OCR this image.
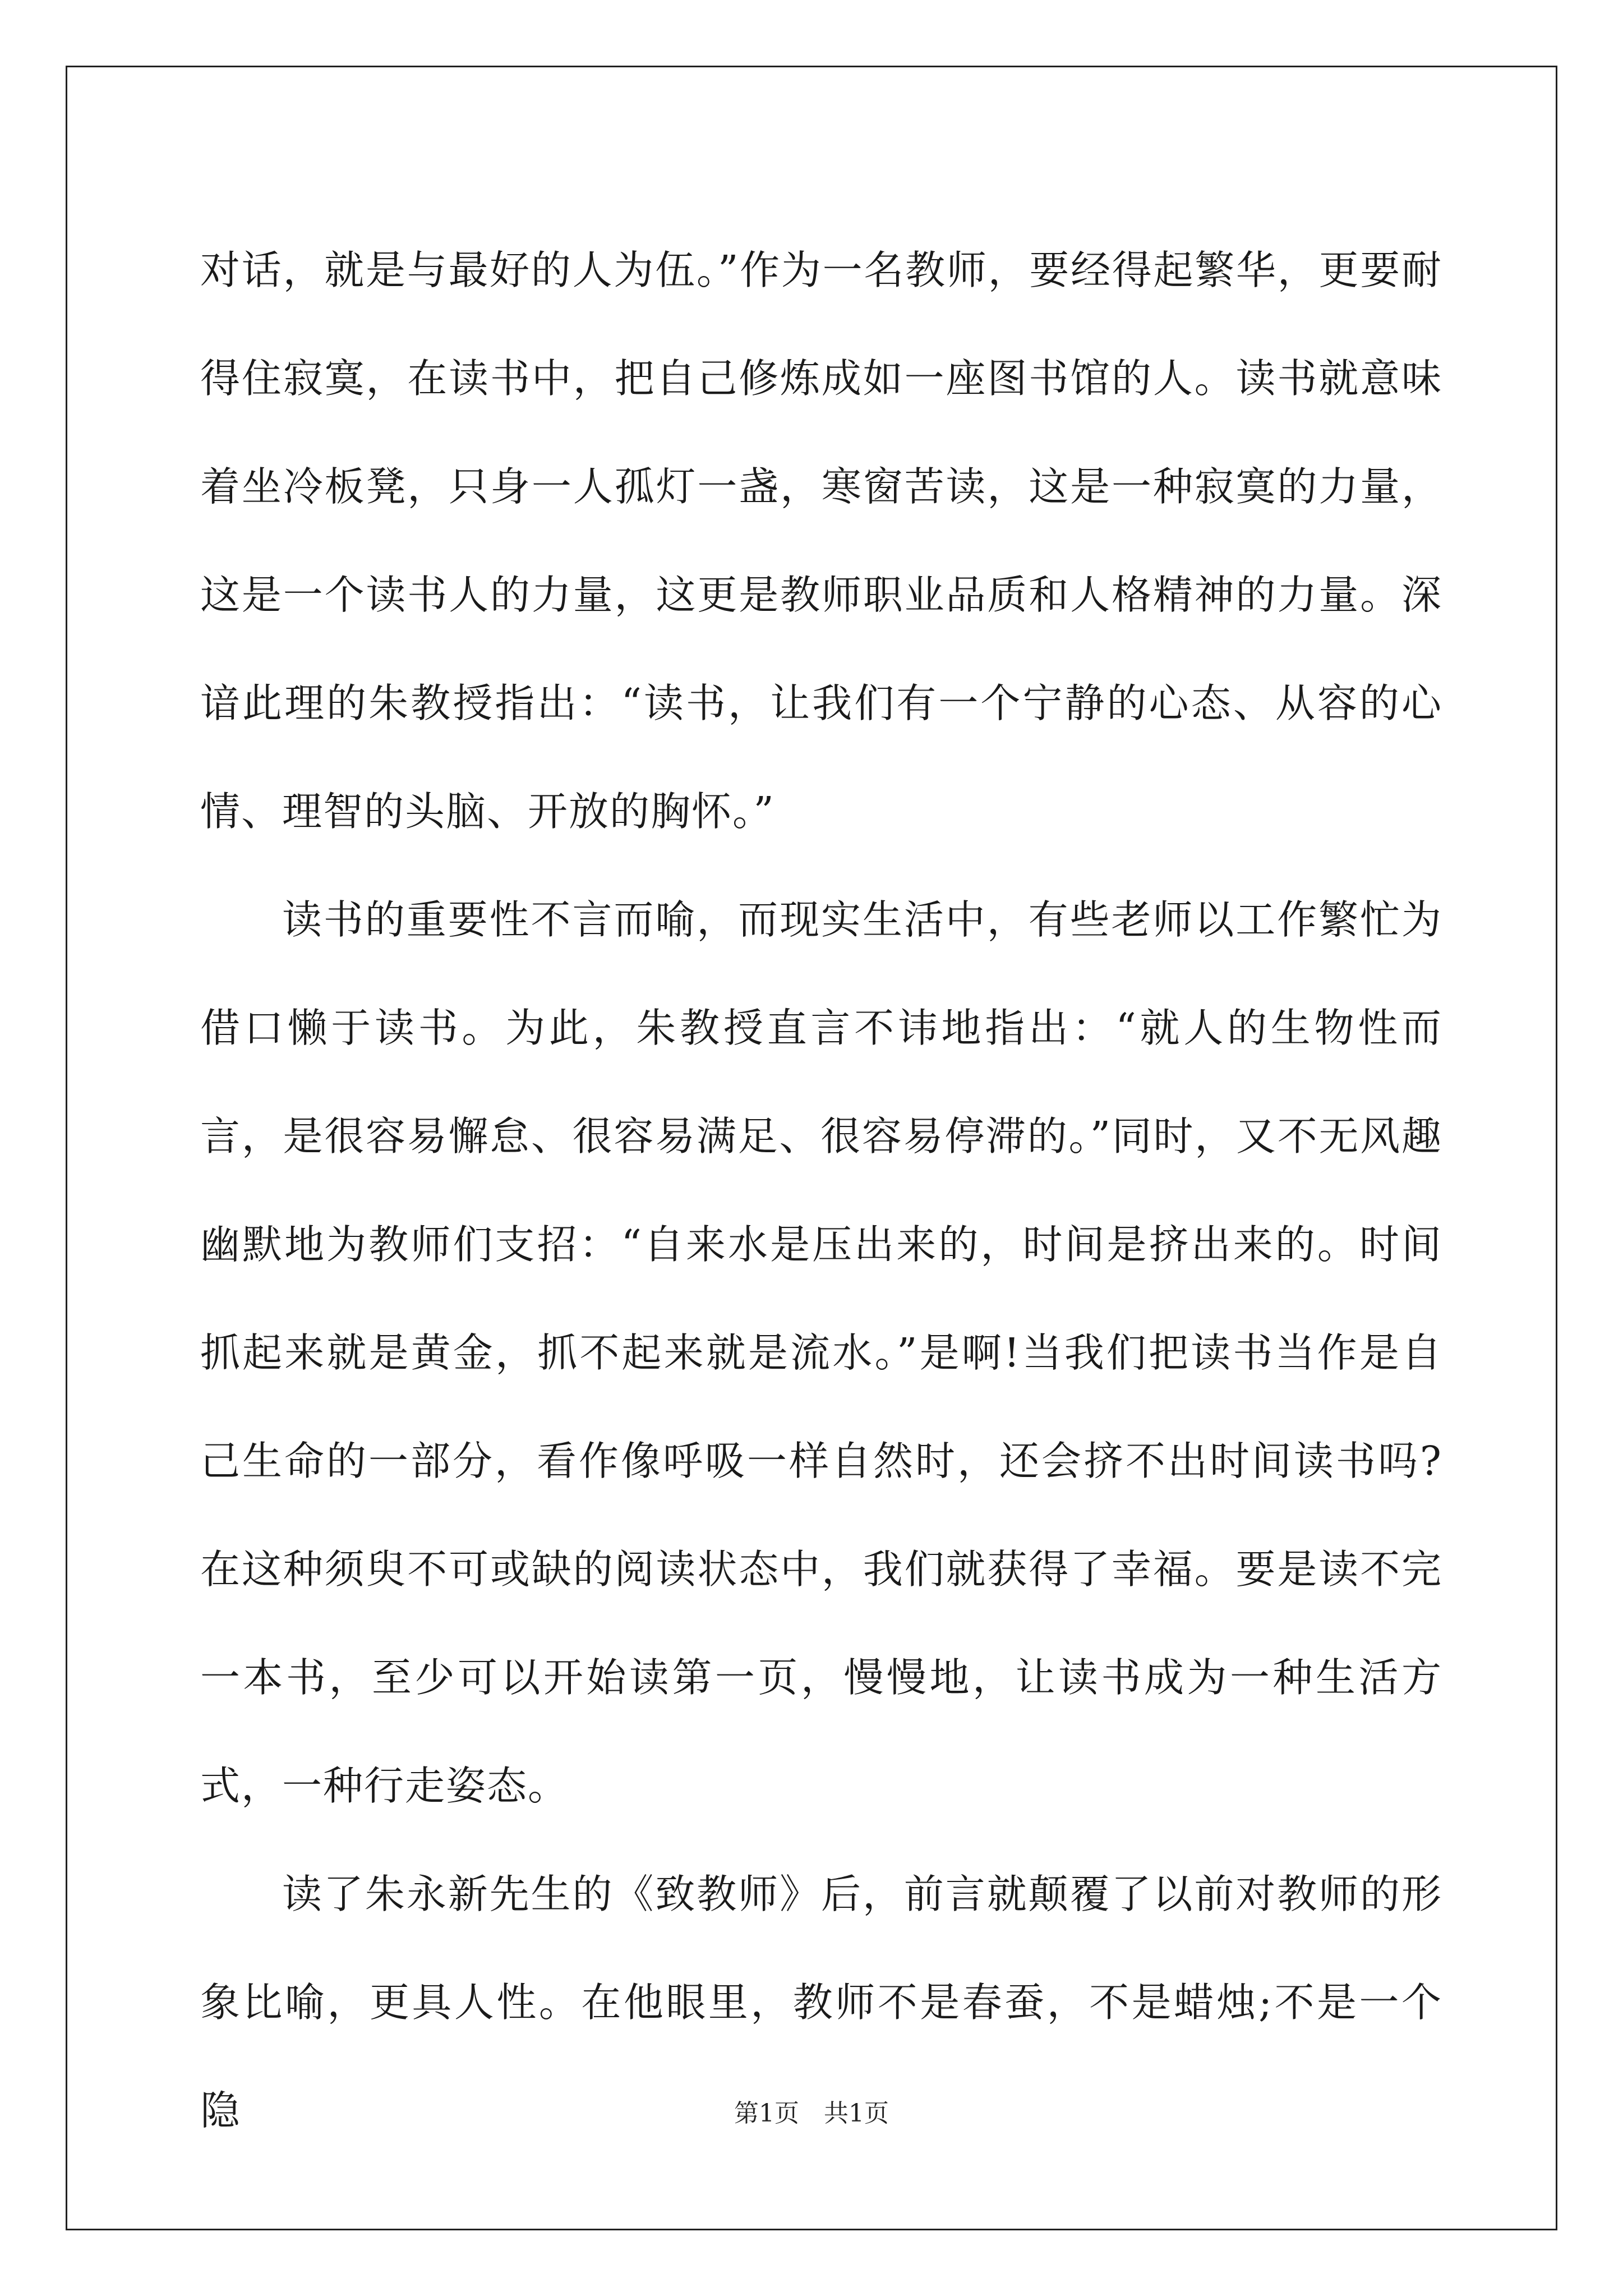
对话，就是与最好的人为伍。”作为一名教师，要经得起繁华，更要耐得住寂寞，在读书中，把自己修炼成如一座图书馆的人。读书就意味着坐冷板凳，只身一人孤灯一盏，寒窗苦读，这是一种寂寞的力量，这是一个读书人的力量，这更是教师职业品质和人格精神的力量。深谙此理的朱教授指出：“读书，让我们有一个宁静的心态、从容的心情、理智的头脑、开放的胸怀。”

读书的重要性不言而喻，而现实生活中，有些老师以工作繁忙为借口懒于读书。为此，朱教授直言不讳地指出：“就人的生物性而言，是很容易懈怠、很容易满足、很容易停滞的。”同时，又不无风趣幽默地为教师们支招：“自来水是压出来的，时间是挤出来的。时间抓起来就是黄金，抓不起来就是流水。”是啊!当我们把读书当作是自己生命的一部分，看作像呼吸一样自然时，还会挤不出时间读书吗?在这种须臾不可或缺的阅读状态中，我们就获得了幸福。要是读不完一本书，至少可以开始读第一页，慢慢地，让读书成为一种生活方式，一种行走姿态。

读了朱永新先生的《致教师》后，前言就颠覆了以前对教师的形象比喻，更具人性。在他眼里，教师不是春蚕，不是蜡烛;不是一个隐	第1页　共1页
